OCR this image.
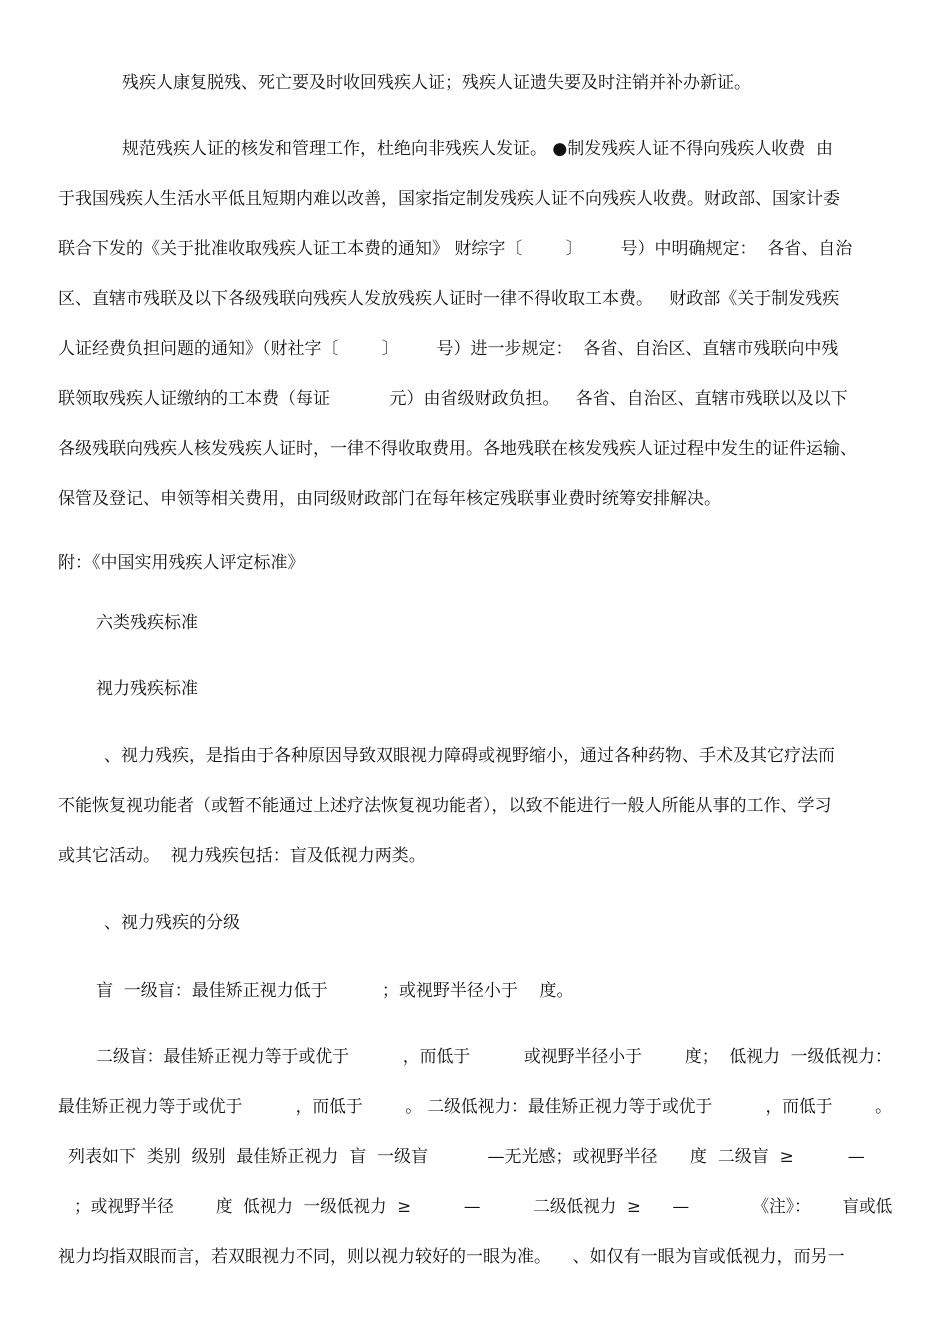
残疾人康复脱残、死亡要及时收回残疾人证；残疾人证遗失要及时注销并补办新证。

规范残疾人证的核发和管理工作，杜绝向非残疾人发证。 ●制发残疾人证不得向残疾人收费  由

于我国残疾人生活水平低且短期内难以改善，国家指定制发残疾人证不向残疾人收费。财政部、国家计委

联合下发的《关于批准收取残疾人证工本费的通知》 财综字〔        〕       号）中明确规定：  各省、自治

区、直辖市残联及以下各级残联向残疾人发放残疾人证时一律不得收取工本费。   财政部《关于制发残疾

人证经费负担问题的通知》（财社字〔        〕       号）进一步规定：  各省、自治区、直辖市残联向中残

联领取残疾人证缴纳的工本费（每证           元）由省级财政负担。   各省、自治区、直辖市残联以及以下

各级残联向残疾人核发残疾人证时，一律不得收取费用。各地残联在核发残疾人证过程中发生的证件运输、

保管及登记、申领等相关费用，由同级财政部门在每年核定残联事业费时统筹安排解决。

附：《中国实用残疾人评定标准》

六类残疾标准

视力残疾标准

、视力残疾，是指由于各种原因导致双眼视力障碍或视野缩小，通过各种药物、手术及其它疗法而

不能恢复视功能者（或暂不能通过上述疗法恢复视功能者），以致不能进行一般人所能从事的工作、学习

或其它活动。  视力残疾包括：盲及低视力两类。

、视力残疾的分级

盲  一级盲：最佳矫正视力低于          ；或视野半径小于    度。

二级盲：最佳矫正视力等于或优于          ，而低于          或视野半径小于        度；  低视力  一级低视力：

最佳矫正视力等于或优于          ，而低于        。 二级低视力：最佳矫正视力等于或优于          ，而低于        。

列表如下  类别  级别  最佳矫正视力  盲  一级盲           —无光感；或视野半径      度  二级盲  ≥          —

；或视野半径        度  低视力  一级低视力  ≥          —          二级低视力  ≥      —            《注》：      盲或低

视力均指双眼而言，若双眼视力不同，则以视力较好的一眼为准。    、如仅有一眼为盲或低视力，而另一
